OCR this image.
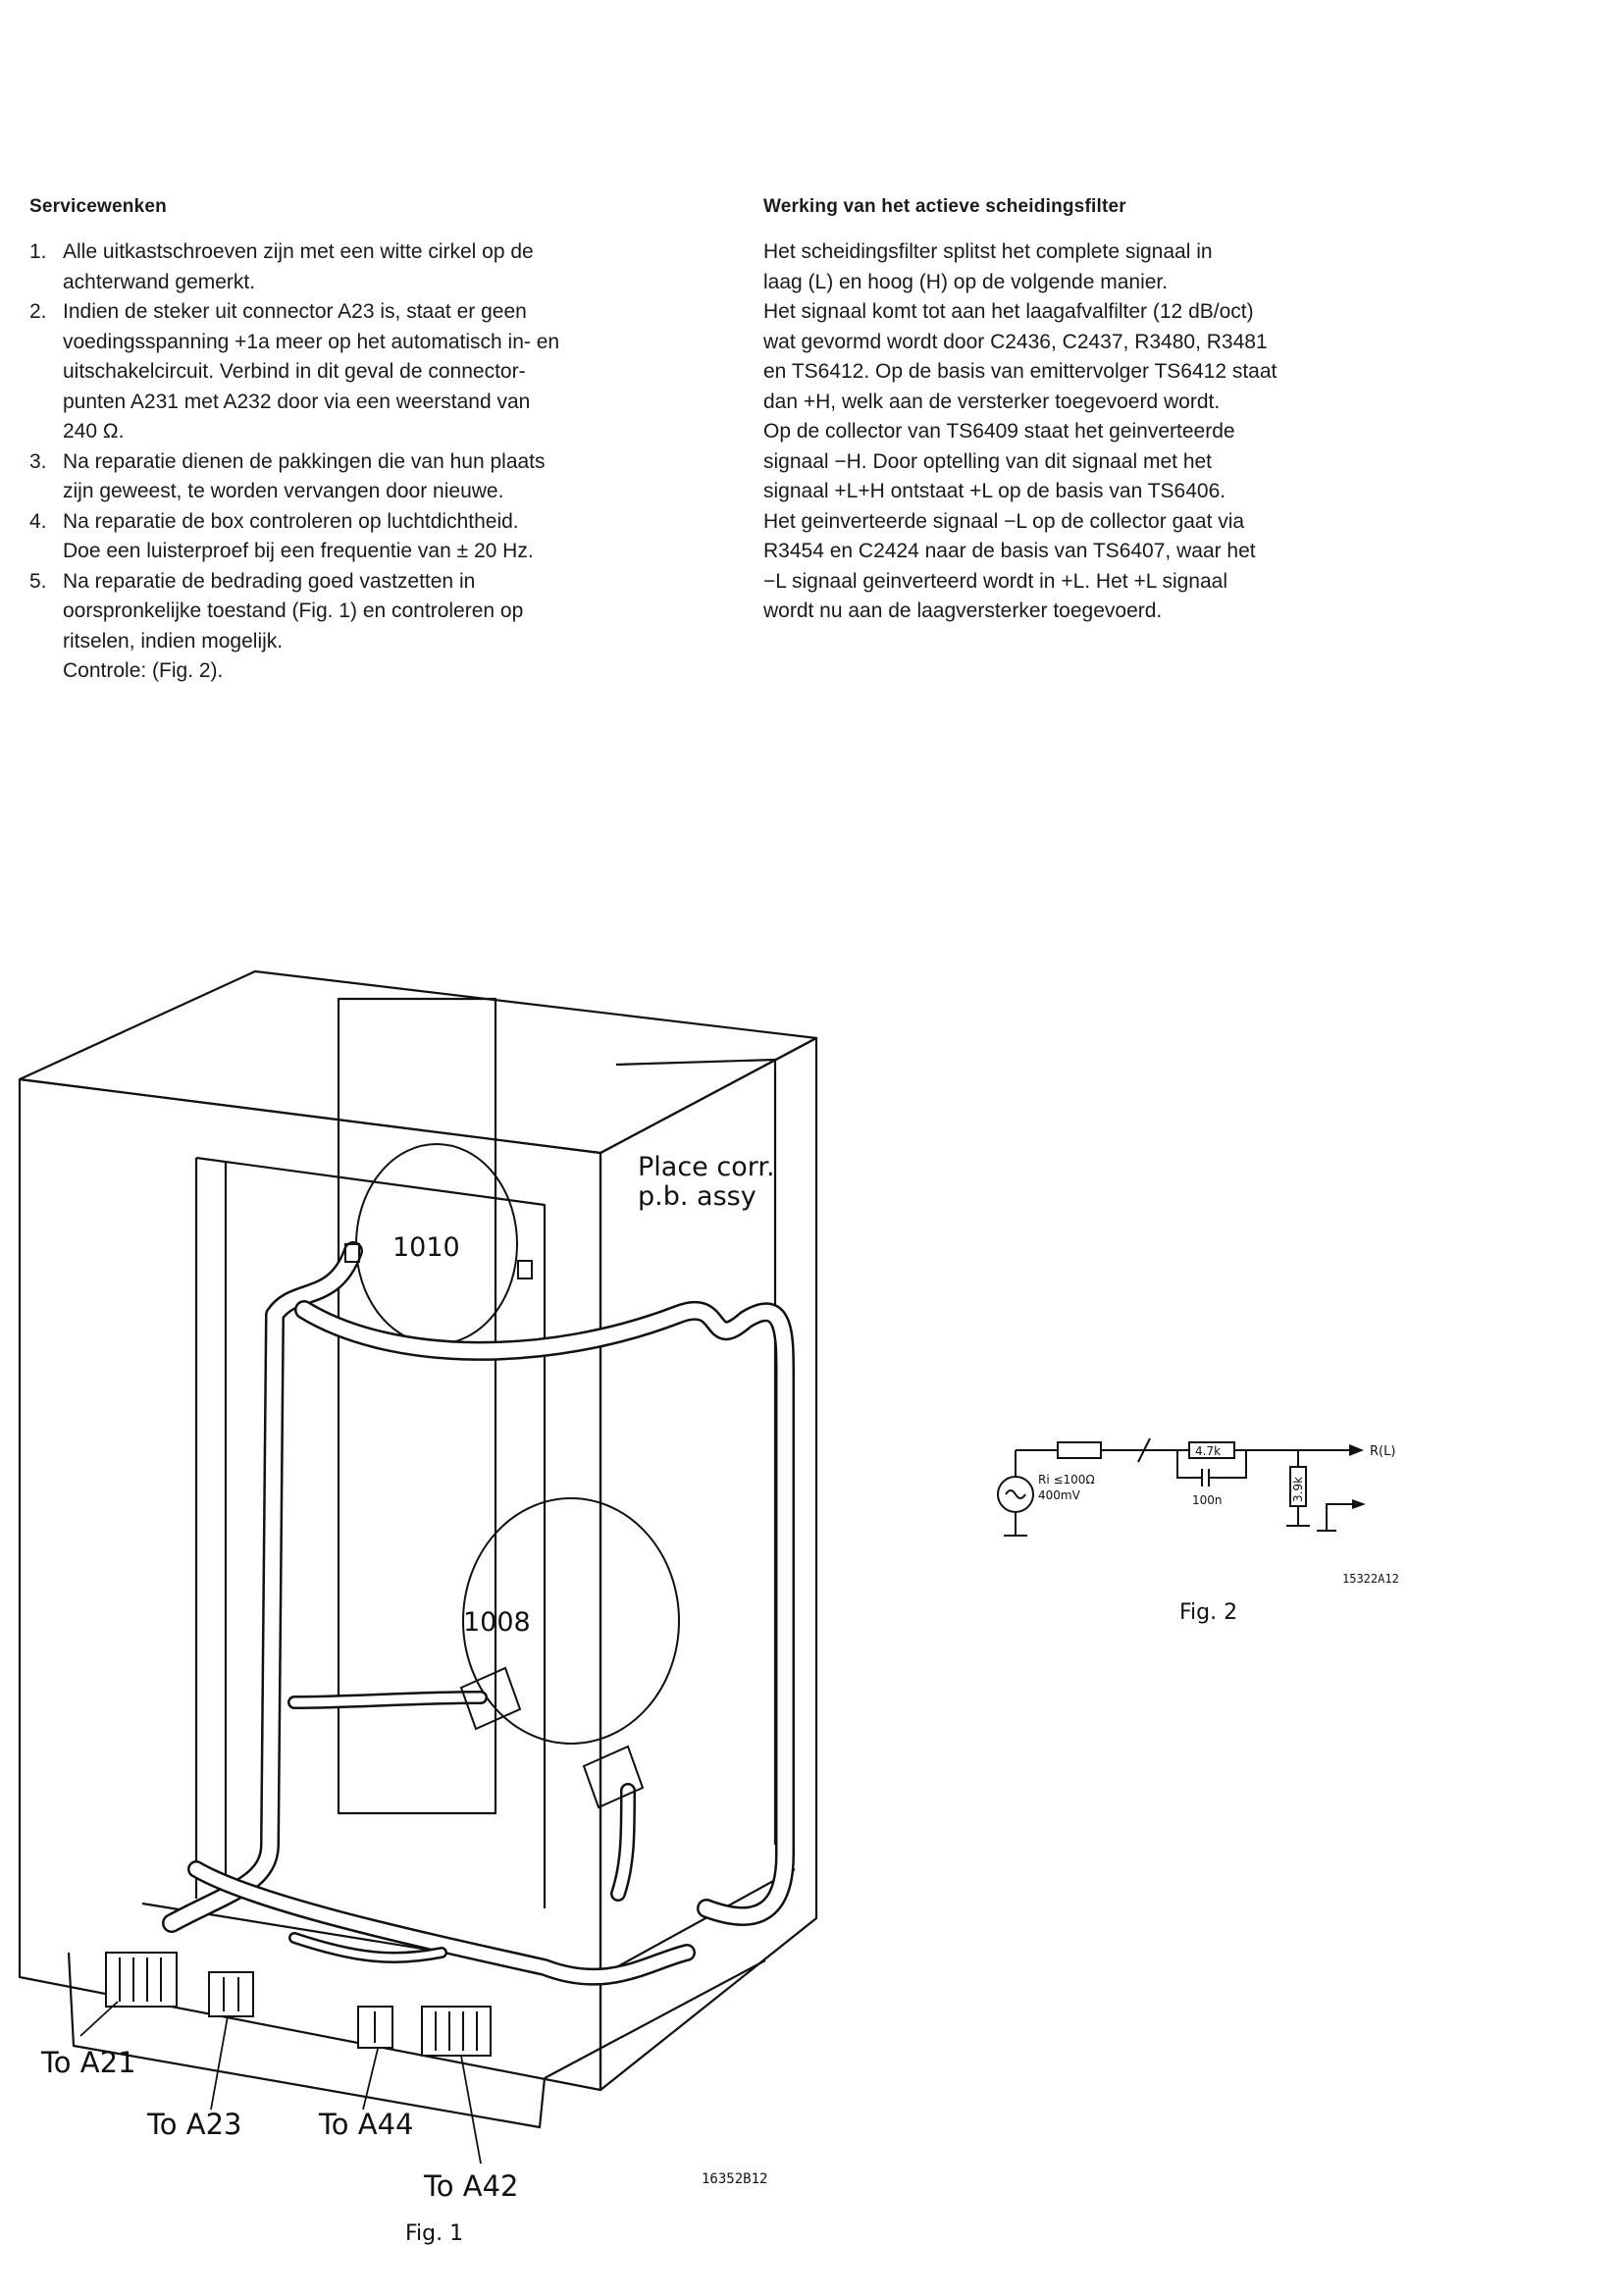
Servicewenken
1. Alle uitkastschroeven zijn met een witte cirkel op de
achterwand gemerkt.
2. Indien de steker uit connector A23 is, staat er geen
voedingsspanning +1a meer op het automatisch in- en
uitschakelcircuit. Verbind in dit geval de connector-
punten A231 met A232 door via een weerstand van
240 Ω.
3. Na reparatie dienen de pakkingen die van hun plaats
zijn geweest, te worden vervangen door nieuwe.
4. Na reparatie de box controleren op luchtdichtheid.
Doe een luisterproef bij een frequentie van ± 20 Hz.
5. Na reparatie de bedrading goed vastzetten in
oorspronkelijke toestand (Fig. 1) en controleren op
ritselen, indien mogelijk.
Controle: (Fig. 2).
Werking van het actieve scheidingsfilter

Het scheidingsfilter splitst het complete signaal in

laag (L) en hoog (H) op de volgende manier.

Het signaal komt tot aan het laagafvalfilter (12 dB/oct)

wat gevormd wordt door C2436, C2437, R3480, R3481

en TS6412. Op de basis van emittervolger TS6412 staat

dan +H, welk aan de versterker toegevoerd wordt.

Op de collector van TS6409 staat het geinverteerde

signaal −H. Door optelling van dit signaal met het

signaal +L+H ontstaat +L op de basis van TS6406.

Het geinverteerde signaal −L op de collector gaat via

R3454 en C2424 naar de basis van TS6407, waar het

−L signaal geinverteerd wordt in +L. Het +L signaal

wordt nu aan de laagversterker toegevoerd.

1010
1008
Place corr.
p.b. assy
To A21
To A23	To A44
To A42	16352B12
Fig. 1
Ri ≤100Ω
400mV
4.7k
100n	3.9k
R(L)
15322A12
Fig. 2
